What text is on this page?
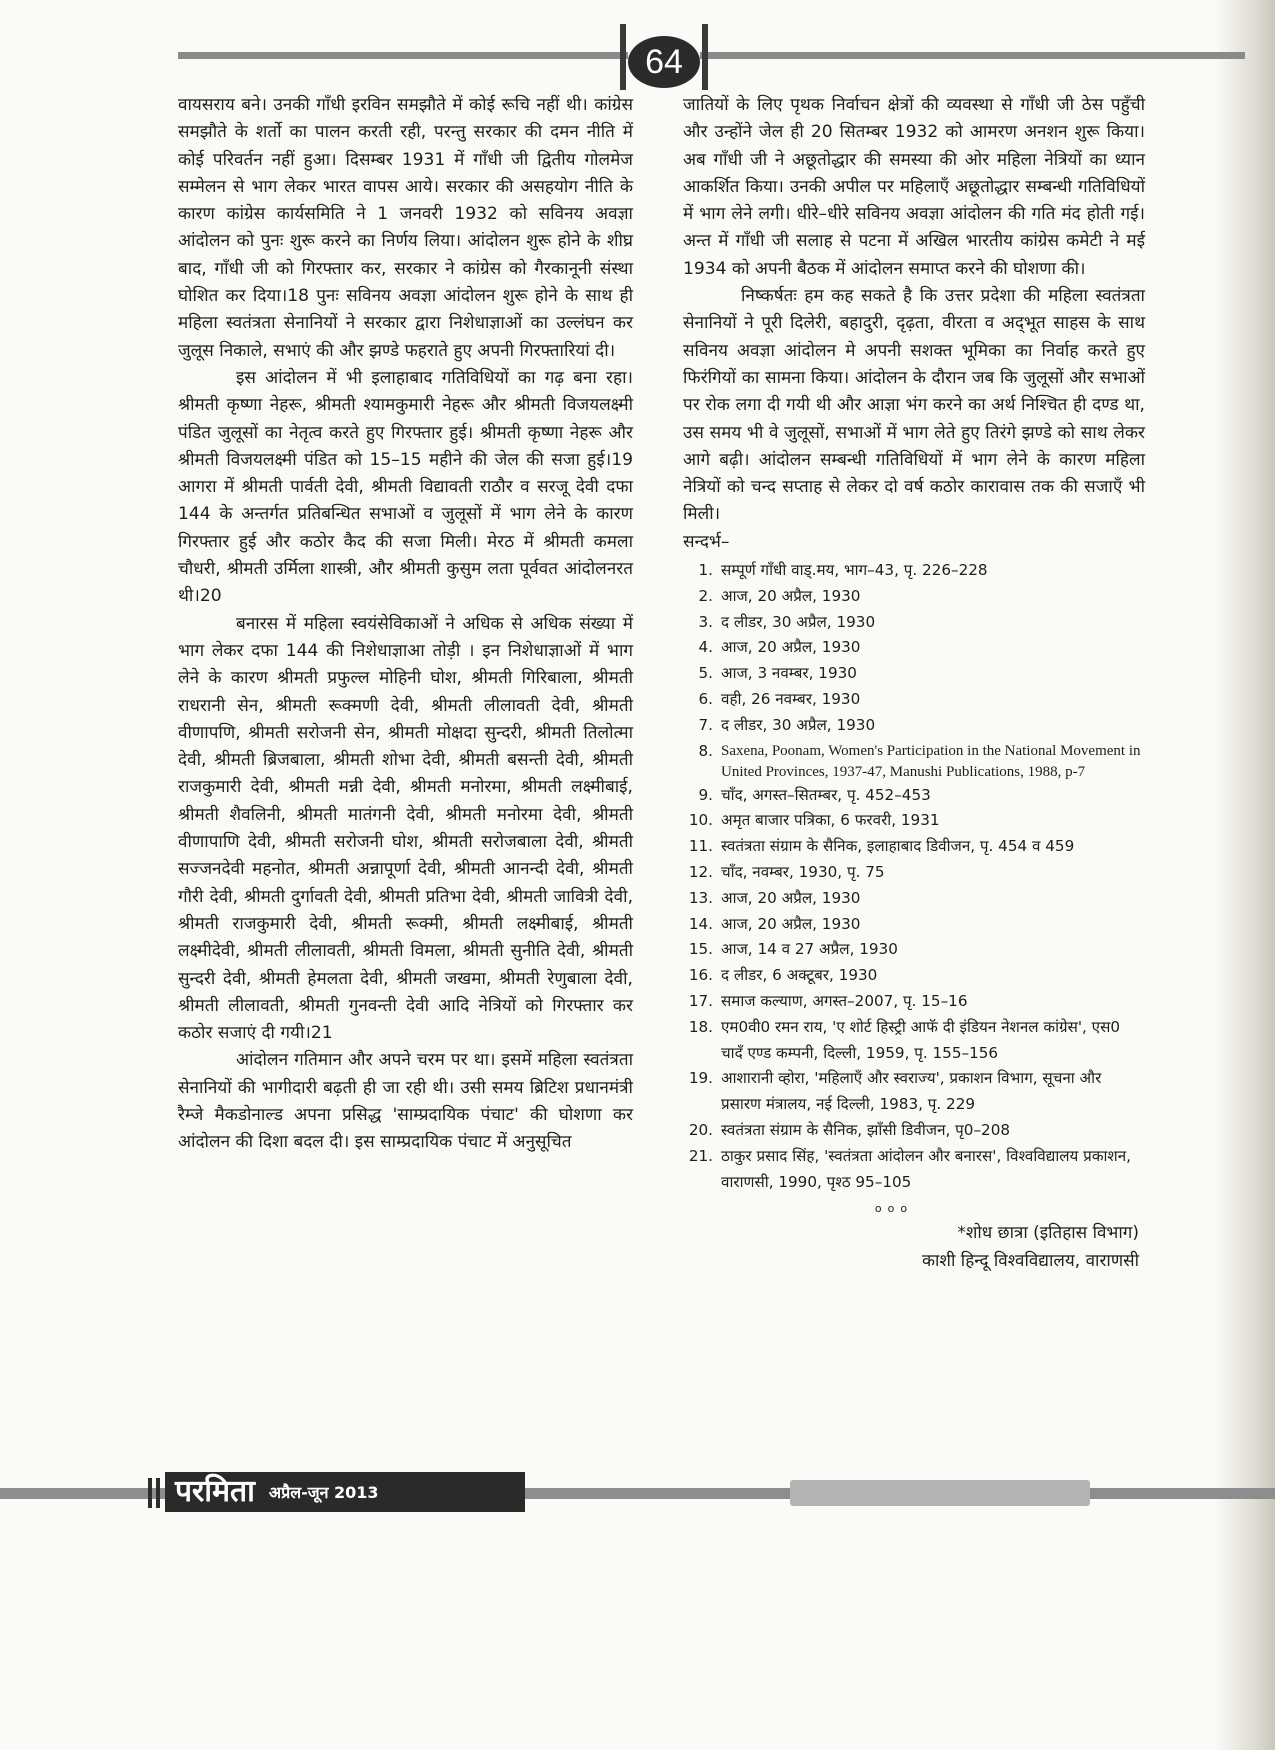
64

वायसराय बने। उनकी गाँधी इरविन समझौते में कोई रूचि नहीं थी। कांग्रेस समझौते के शर्तो का पालन करती रही, परन्तु सरकार की दमन नीति में कोई परिवर्तन नहीं हुआ। दिसम्बर 1931 में गाँधी जी द्वितीय गोलमेज सम्मेलन से भाग लेकर भारत वापस आये। सरकार की असहयोग नीति के कारण कांग्रेस कार्यसमिति ने 1 जनवरी 1932 को सविनय अवज्ञा आंदोलन को पुनः शुरू करने का निर्णय लिया। आंदोलन शुरू होने के शीघ्र बाद, गाँधी जी को गिरफ्तार कर, सरकार ने कांग्रेस को गैरकानूनी संस्था घोशित कर दिया।18 पुनः सविनय अवज्ञा आंदोलन शुरू होने के साथ ही महिला स्वतंत्रता सेनानियों ने सरकार द्वारा निशेधाज्ञाओं का उल्लंघन कर जुलूस निकाले, सभाएं की और झण्डे फहराते हुए अपनी गिरफ्तारियां दी।

इस आंदोलन में भी इलाहाबाद गतिविधियों का गढ़ बना रहा। श्रीमती कृष्णा नेहरू, श्रीमती श्यामकुमारी नेहरू और श्रीमती विजयलक्ष्मी पंडित जुलूसों का नेतृत्व करते हुए गिरफ्तार हुई। श्रीमती कृष्णा नेहरू और श्रीमती विजयलक्ष्मी पंडित को 15–15 महीने की जेल की सजा हुई।19 आगरा में श्रीमती पार्वती देवी, श्रीमती विद्यावती राठौर व सरजू देवी दफा 144 के अन्तर्गत प्रतिबन्धित सभाओं व जुलूसों में भाग लेने के कारण गिरफ्तार हुई और कठोर कैद की सजा मिली। मेरठ में श्रीमती कमला चौधरी, श्रीमती उर्मिला शास्त्री, और श्रीमती कुसुम लता पूर्ववत आंदोलनरत थी।20

बनारस में महिला स्वयंसेविकाओं ने अधिक से अधिक संख्या में भाग लेकर दफा 144 की निशेधाज्ञाआ तोड़ी । इन निशेधाज्ञाओं में भाग लेने के कारण श्रीमती प्रफुल्ल मोहिनी घोश, श्रीमती गिरिबाला, श्रीमती राधरानी सेन, श्रीमती रूक्मणी देवी, श्रीमती लीलावती देवी, श्रीमती वीणापणि, श्रीमती सरोजनी सेन, श्रीमती मोक्षदा सुन्दरी, श्रीमती तिलोत्मा देवी, श्रीमती ब्रिजबाला, श्रीमती शोभा देवी, श्रीमती बसन्ती देवी, श्रीमती राजकुमारी देवी, श्रीमती मन्नी देवी, श्रीमती मनोरमा, श्रीमती लक्ष्मीबाई, श्रीमती शैवलिनी, श्रीमती मातंगनी देवी, श्रीमती मनोरमा देवी, श्रीमती वीणापाणि देवी, श्रीमती सरोजनी घोश, श्रीमती सरोजबाला देवी, श्रीमती सज्जनदेवी महनोत, श्रीमती अन्नापूर्णा देवी, श्रीमती आनन्दी देवी, श्रीमती गौरी देवी, श्रीमती दुर्गावती देवी, श्रीमती प्रतिभा देवी, श्रीमती जावित्री देवी, श्रीमती राजकुमारी देवी, श्रीमती रूक्मी, श्रीमती लक्ष्मीबाई, श्रीमती लक्ष्मीदेवी, श्रीमती लीलावती, श्रीमती विमला, श्रीमती सुनीति देवी, श्रीमती सुन्दरी देवी, श्रीमती हेमलता देवी, श्रीमती जखमा, श्रीमती रेणुबाला देवी, श्रीमती लीलावती, श्रीमती गुनवन्ती देवी आदि नेत्रियों को गिरफ्तार कर कठोर सजाएं दी गयी।21

आंदोलन गतिमान और अपने चरम पर था। इसमें महिला स्वतंत्रता सेनानियों की भागीदारी बढ़ती ही जा रही थी। उसी समय ब्रिटिश प्रधानमंत्री रैम्जे मैकडोनाल्ड अपना प्रसिद्ध 'साम्प्रदायिक पंचाट' की घोशणा कर आंदोलन की दिशा बदल दी। इस साम्प्रदायिक पंचाट में अनुसूचित

जातियों के लिए पृथक निर्वाचन क्षेत्रों की व्यवस्था से गाँधी जी ठेस पहुँची और उन्होंने जेल ही 20 सितम्बर 1932 को आमरण अनशन शुरू किया। अब गाँधी जी ने अछूतोद्धार की समस्या की ओर महिला नेत्रियों का ध्यान आकर्शित किया। उनकी अपील पर महिलाएँ अछूतोद्धार सम्बन्धी गतिविधियों में भाग लेने लगी। धीरे–धीरे सविनय अवज्ञा आंदोलन की गति मंद होती गई। अन्त में गाँधी जी सलाह से पटना में अखिल भारतीय कांग्रेस कमेटी ने मई 1934 को अपनी बैठक में आंदोलन समाप्त करने की घोशणा की।

निष्कर्षतः हम कह सकते है कि उत्तर प्रदेशा की महिला स्वतंत्रता सेनानियों ने पूरी दिलेरी, बहादुरी, दृढ़ता, वीरता व अद्‌भूत साहस के साथ सविनय अवज्ञा आंदोलन मे अपनी सशक्त भूमिका का निर्वाह करते हुए फिरंगियों का सामना किया। आंदोलन के दौरान जब कि जुलूसों और सभाओं पर रोक लगा दी गयी थी और आज्ञा भंग करने का अर्थ निश्चित ही दण्ड था, उस समय भी वे जुलूसों, सभाओं में भाग लेते हुए तिरंगे झण्डे को साथ लेकर आगे बढ़ी। आंदोलन सम्बन्धी गतिविधियों में भाग लेने के कारण महिला नेत्रियों को चन्द सप्ताह से लेकर दो वर्ष कठोर कारावास तक की सजाएँ भी मिली।

सन्दर्भ–

1. सम्पूर्ण गाँधी वाड्.मय, भाग–43, पृ. 226–228
2. आज, 20 अप्रैल, 1930
3. द लीडर, 30 अप्रैल, 1930
4. आज, 20 अप्रैल, 1930
5. आज, 3 नवम्बर, 1930
6. वही, 26 नवम्बर, 1930
7. द लीडर, 30 अप्रैल, 1930
8. Saxena, Poonam, Women's Participation in the National Movement in United Provinces, 1937-47, Manushi Publications, 1988, p-7
9. चाँद, अगस्त–सितम्बर, पृ. 452–453
10. अमृत बाजार पत्रिका, 6 फरवरी, 1931
11. स्वतंत्रता संग्राम के सैनिक, इलाहाबाद डिवीजन, पृ. 454 व 459
12. चाँद, नवम्बर, 1930, पृ. 75
13. आज, 20 अप्रैल, 1930
14. आज, 20 अप्रैल, 1930
15. आज, 14 व 27 अप्रैल, 1930
16. द लीडर, 6 अक्टूबर, 1930
17. समाज कल्याण, अगस्त–2007, पृ. 15–16
18. एम0वी0 रमन राय, 'ए शोर्ट हिस्ट्री आफॅ दी इंडियन नेशनल कांग्रेस', एस0 चादँ एण्ड कम्पनी, दिल्ली, 1959, पृ. 155–156
19. आशारानी व्होरा, 'महिलाएँ और स्वराज्य', प्रकाशन विभाग, सूचना और प्रसारण मंत्रालय, नई दिल्ली, 1983, पृ. 229
20. स्वतंत्रता संग्राम के सैनिक, झाँसी डिवीजन, पृ0–208
21. ठाकुर प्रसाद सिंह, 'स्वतंत्रता आंदोलन और बनारस', विश्वविद्यालय प्रकाशन, वाराणसी, 1990, पृश्ठ 95–105

ooo

*शोध छात्रा (इतिहास विभाग)

काशी हिन्दू विश्वविद्यालय, वाराणसी

परमिता अप्रैल-जून 2013
